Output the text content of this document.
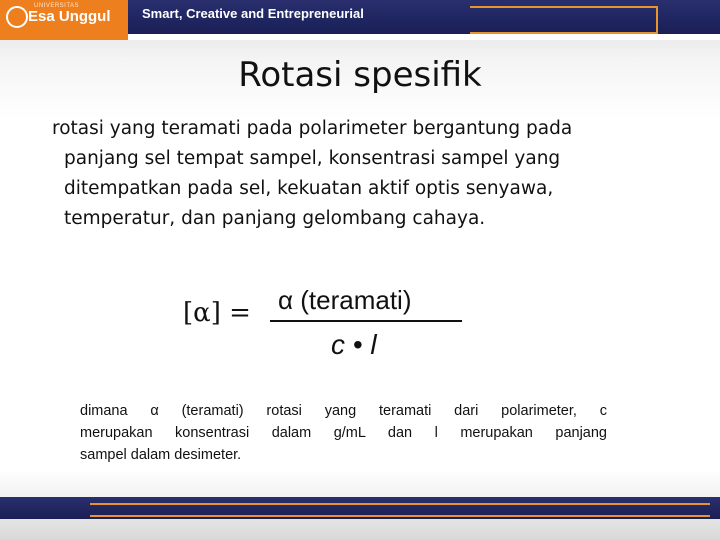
UNIVERSITAS
Esa Unggul Smart, Creative and Entrepreneurial
Rotasi spesifik
rotasi yang teramati pada polarimeter bergantung pada
panjang sel tempat sampel, konsentrasi sampel yang
ditempatkan pada sel, kekuatan aktif optis senyawa,
temperatur, dan panjang gelombang cahaya.
[α] = α (teramati)
c • l
dimana α (teramati) rotasi yang teramati dari polarimeter, c
merupakan konsentrasi dalam g/mL dan l merupakan panjang
sampel dalam desimeter.
